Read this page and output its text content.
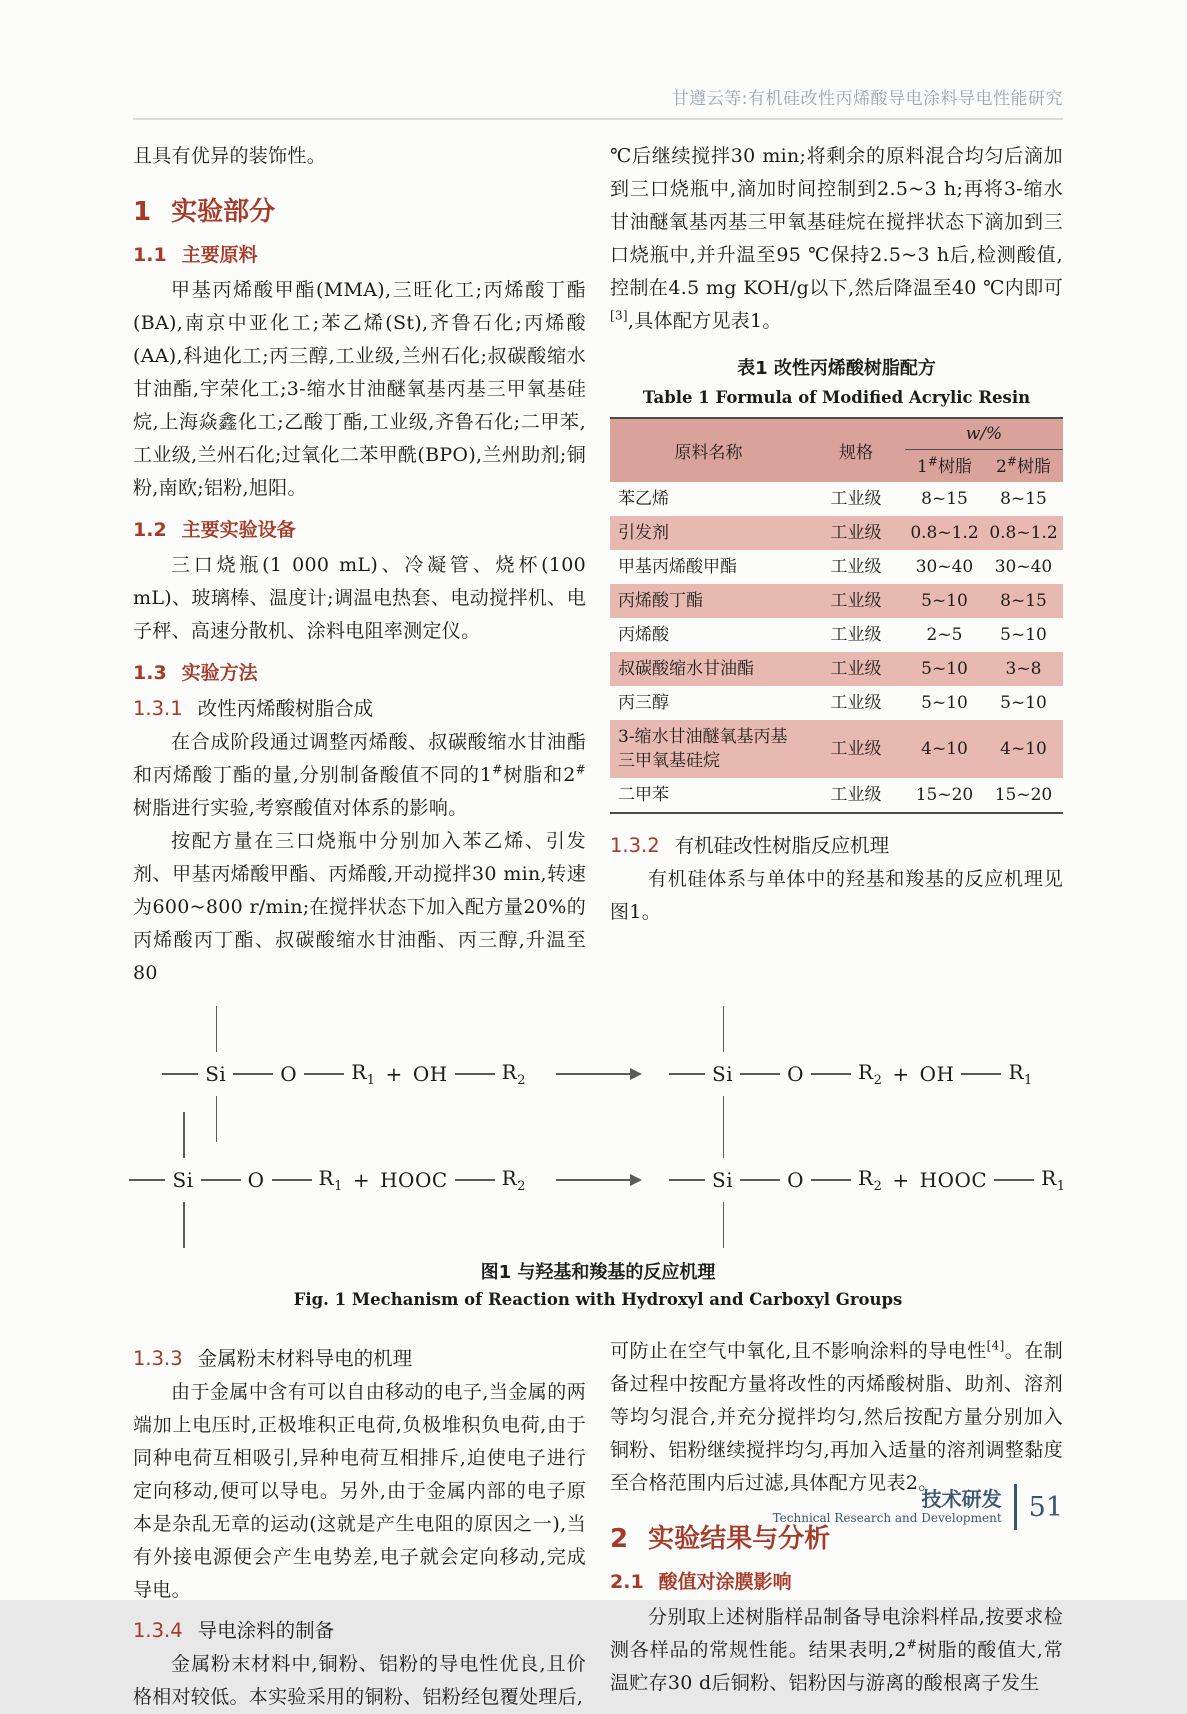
甘遵云等:有机硅改性丙烯酸导电涂料导电性能研究

且具有优异的装饰性。

1 实验部分
1.1 主要原料

甲基丙烯酸甲酯(MMA),三旺化工;丙烯酸丁酯(BA),南京中亚化工;苯乙烯(St),齐鲁石化;丙烯酸(AA),科迪化工;丙三醇,工业级,兰州石化;叔碳酸缩水甘油酯,宇荣化工;3-缩水甘油醚氧基丙基三甲氧基硅烷,上海焱鑫化工;乙酸丁酯,工业级,齐鲁石化;二甲苯,工业级,兰州石化;过氧化二苯甲酰(BPO),兰州助剂;铜粉,南欧;铝粉,旭阳。

1.2 主要实验设备

三口烧瓶(1 000 mL)、冷凝管、烧杯(100 mL)、玻璃棒、温度计;调温电热套、电动搅拌机、电子秤、高速分散机、涂料电阻率测定仪。

1.3 实验方法
1.3.1 改性丙烯酸树脂合成

在合成阶段通过调整丙烯酸、叔碳酸缩水甘油酯和丙烯酸丁酯的量,分别制备酸值不同的1#树脂和2#树脂进行实验,考察酸值对体系的影响。

按配方量在三口烧瓶中分别加入苯乙烯、引发剂、甲基丙烯酸甲酯、丙烯酸,开动搅拌30 min,转速为600~800 r/min;在搅拌状态下加入配方量20%的丙烯酸丙丁酯、叔碳酸缩水甘油酯、丙三醇,升温至80

℃后继续搅拌30 min;将剩余的原料混合均匀后滴加到三口烧瓶中,滴加时间控制到2.5~3 h;再将3-缩水甘油醚氧基丙基三甲氧基硅烷在搅拌状态下滴加到三口烧瓶中,并升温至95 ℃保持2.5~3 h后,检测酸值,控制在4.5 mg KOH/g以下,然后降温至40 ℃内即可[3],具体配方见表1。

表1 改性丙烯酸树脂配方
Table 1 Formula of Modified Acrylic Resin
原料名称	规格	w/%	
		1#树脂	2#树脂
苯乙烯	工业级	8~15	8~15
引发剂	工业级	0.8~1.2	0.8~1.2
甲基丙烯酸甲酯	工业级	30~40	30~40
丙烯酸丁酯	工业级	5~10	8~15
丙烯酸	工业级	2~5	5~10
叔碳酸缩水甘油酯	工业级	5~10	3~8
丙三醇	工业级	5~10	5~10
3-缩水甘油醚氧基丙基三甲氧基硅烷	工业级	4~10	4~10
二甲苯	工业级	15~20	15~20
1.3.2 有机硅改性树脂反应机理

有机硅体系与单体中的羟基和羧基的反应机理见图1。

Si	O	$R_1$ + OH	$R_2$	Si	O	$R_2$ + OH	$R_1$
Si	O	$R_1$ + HOOC	$R_2$	Si	O	$R_2$ + HOOC	$R_1$
图1 与羟基和羧基的反应机理
Fig. 1 Mechanism of Reaction with Hydroxyl and Carboxyl Groups
1.3.3 金属粉末材料导电的机理

由于金属中含有可以自由移动的电子,当金属的两端加上电压时,正极堆积正电荷,负极堆积负电荷,由于同种电荷互相吸引,异种电荷互相排斥,迫使电子进行定向移动,便可以导电。另外,由于金属内部的电子原本是杂乱无章的运动(这就是产生电阻的原因之一),当有外接电源便会产生电势差,电子就会定向移动,完成导电。

1.3.4 导电涂料的制备

金属粉末材料中,铜粉、铝粉的导电性优良,且价格相对较低。本实验采用的铜粉、铝粉经包覆处理后,

可防止在空气中氧化,且不影响涂料的导电性[4]。在制备过程中按配方量将改性的丙烯酸树脂、助剂、溶剂等均匀混合,并充分搅拌均匀,然后按配方量分别加入铜粉、铝粉继续搅拌均匀,再加入适量的溶剂调整黏度至合格范围内后过滤,具体配方见表2。

2 实验结果与分析
2.1 酸值对涂膜影响

分别取上述树脂样品制备导电涂料样品,按要求检测各样品的常规性能。结果表明,2#树脂的酸值大,常温贮存30 d后铜粉、铝粉因与游离的酸根离子发生

技术研发
Technical Research and Development 51
